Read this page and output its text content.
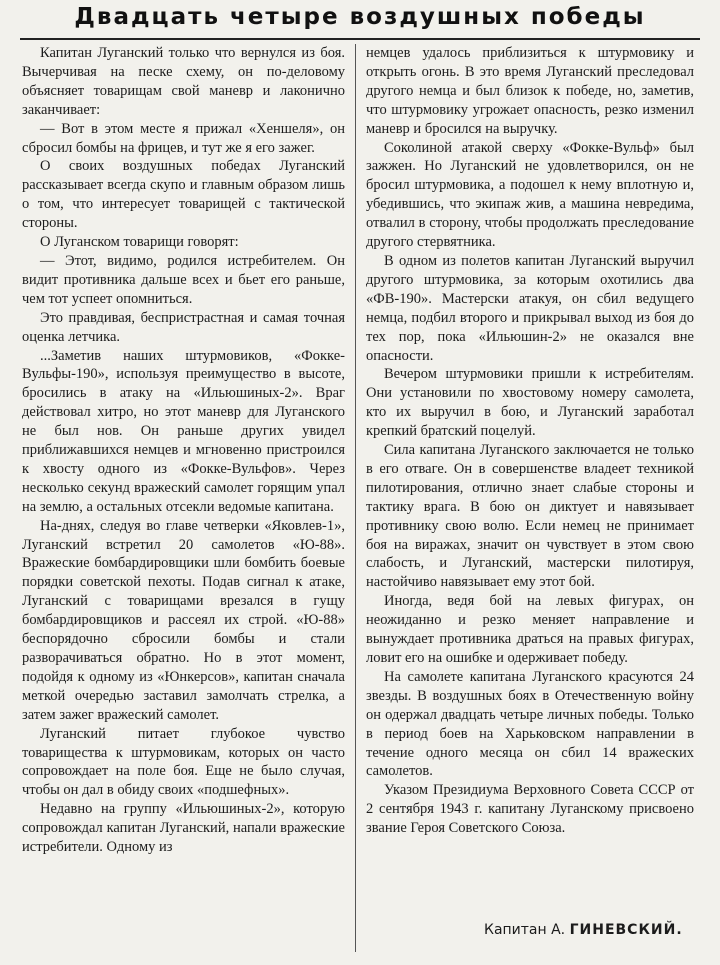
Двадцать четыре воздушных победы

Капитан Луганский только что вернулся из боя. Вычерчивая на песке схему, он по-деловому объясняет товарищам свой маневр и лаконично заканчивает:

— Вот в этом месте я прижал «Хеншеля», он сбросил бомбы на фрицев, и тут же я его зажег.

О своих воздушных победах Луганский рассказывает всегда скупо и главным образом лишь о том, что интересует товарищей с тактической стороны.

О Луганском товарищи говорят:

— Этот, видимо, родился истребителем. Он видит противника дальше всех и бьет его раньше, чем тот успеет опомниться.

Это правдивая, беспристрастная и самая точная оценка летчика.

...Заметив наших штурмовиков, «Фокке-Вульфы-190», используя преимущество в высоте, бросились в атаку на «Ильюшиных-2». Враг действовал хитро, но этот маневр для Луганского не был нов. Он раньше других увидел приближавшихся немцев и мгновенно пристроился к хвосту одного из «Фокке-Вульфов». Через несколько секунд вражеский самолет горящим упал на землю, а остальных отсекли ведомые капитана.

На-днях, следуя во главе четверки «Яковлев-1», Луганский встретил 20 самолетов «Ю-88». Вражеские бомбардировщики шли бомбить боевые порядки советской пехоты. Подав сигнал к атаке, Луганский с товарищами врезался в гущу бомбардировщиков и рассеял их строй. «Ю-88» беспорядочно сбросили бомбы и стали разворачиваться обратно. Но в этот момент, подойдя к одному из «Юнкерсов», капитан сначала меткой очередью заставил замолчать стрелка, а затем зажег вражеский самолет.

Луганский питает глубокое чувство товарищества к штурмовикам, которых он часто сопровождает на поле боя. Еще не было случая, чтобы он дал в обиду своих «подшефных».

Недавно на группу «Ильюшиных-2», которую сопровождал капитан Луганский, напали вражеские истребители. Одному из

немцев удалось приблизиться к штурмовику и открыть огонь. В это время Луганский преследовал другого немца и был близок к победе, но, заметив, что штурмовику угрожает опасность, резко изменил маневр и бросился на выручку.

Соколиной атакой сверху «Фокке-Вульф» был зажжен. Но Луганский не удовлетворился, он не бросил штурмовика, а подошел к нему вплотную и, убедившись, что экипаж жив, а машина невредима, отвалил в сторону, чтобы продолжать преследование другого стервятника.

В одном из полетов капитан Луганский выручил другого штурмовика, за которым охотились два «ФВ-190». Мастерски атакуя, он сбил ведущего немца, подбил второго и прикрывал выход из боя до тех пор, пока «Ильюшин-2» не оказался вне опасности.

Вечером штурмовики пришли к истребителям. Они установили по хвостовому номеру самолета, кто их выручил в бою, и Луганский заработал крепкий братский поцелуй.

Сила капитана Луганского заключается не только в его отваге. Он в совершенстве владеет техникой пилотирования, отлично знает слабые стороны и тактику врага. В бою он диктует и навязывает противнику свою волю. Если немец не принимает боя на виражах, значит он чувствует в этом свою слабость, и Луганский, мастерски пилотируя, настойчиво навязывает ему этот бой.

Иногда, ведя бой на левых фигурах, он неожиданно и резко меняет направление и вынуждает противника драться на правых фигурах, ловит его на ошибке и одерживает победу.

На самолете капитана Луганского красуются 24 звезды. В воздушных боях в Отечественную войну он одержал двадцать четыре личных победы. Только в период боев на Харьковском направлении в течение одного месяца он сбил 14 вражеских самолетов.

Указом Президиума Верховного Совета СССР от 2 сентября 1943 г. капитану Луганскому присвоено звание Героя Советского Союза.

Капитан А. ГИНЕВСКИЙ.
